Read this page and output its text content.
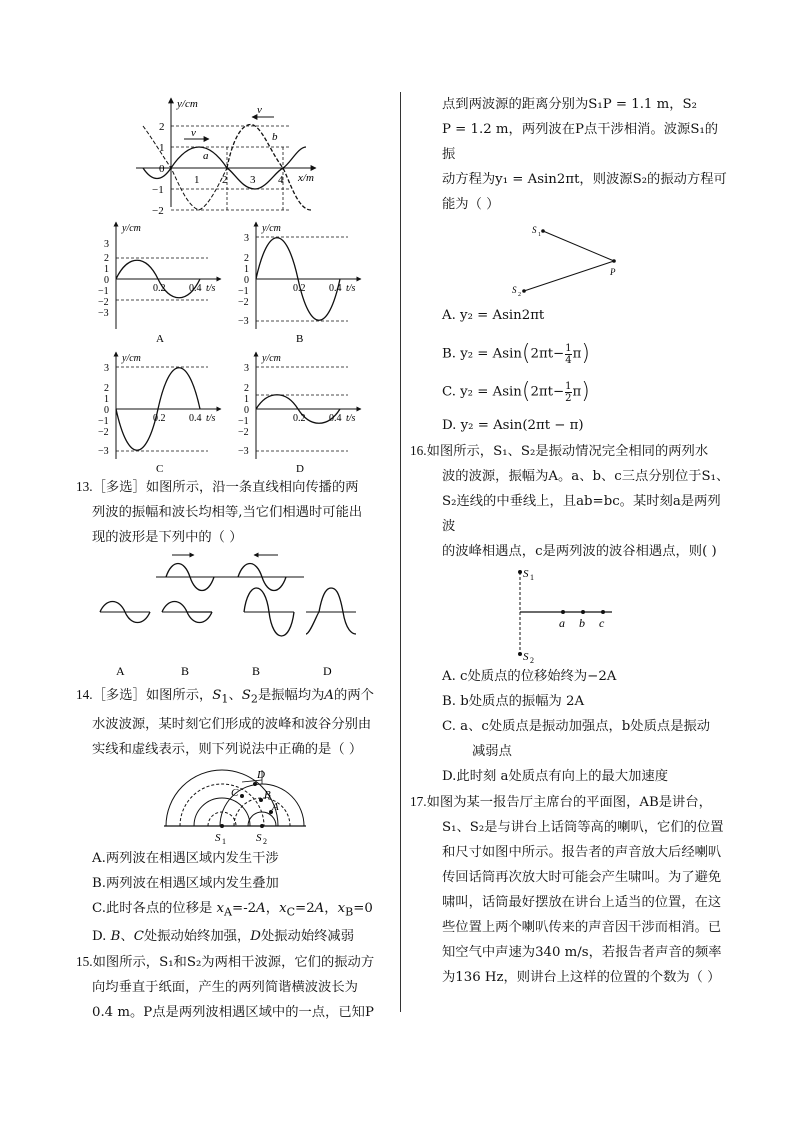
y/cm
x/m
2
1
0
−1
−2
1 2 3 4
v
v
a
b
y/cm
t/s
3
2
1
0
−1
−2
−3
0.2 0.4
A
y/cm
t/s
3
2
1
0
−1
−2
−3
0.2 0.4
B
y/cm
t/s
3
2
1
0
−1
−2
−3
0.2 0.4
C
y/cm
t/s
3
2
1
0
−1
−2
−3
0.2 0.4
D

13.［多选］如图所示，沿一条直线相向传播的两

列波的振幅和波长均相等,当它们相遇时可能出

现的波形是下列中的（ ）

A	B	B	D

14.［多选］如图所示，$S_1$、$S_2$是振幅均为A的两个

水波波源，某时刻它们形成的波峰和波谷分别由

实线和虚线表示，则下列说法中正确的是（ ）

D
C B
A
S 1	S 2

A.两列波在相遇区域内发生干涉

B.两列波在相遇区域内发生叠加

C.此时各点的位移是 $x_A=-2A$，$x_C=2A$，$x_B=0$

D. B、C处振动始终加强，D处振动始终减弱

15.如图所示，S₁和S₂为两相干波源，它们的振动方

向均垂直于纸面，产生的两列简谐横波波长为

0.4 m。P点是两列波相遇区域中的一点，已知P

点到两波源的距离分别为S₁P = 1.1 m，S₂

P = 1.2 m，两列波在P点干涉相消。波源S₁的振

动方程为y₁ = Asin2πt，则波源S₂的振动方程可

能为（ ）

S 1
S 2
P

A. y₂ = Asin2πt

B. $y_2 = Asin(2\pi t- \frac{1}{4} \pi)$

C. $y_2 = Asin(2\pi t- \frac{1}{2} \pi)$

D. y₂ = Asin(2πt − π)

16.如图所示，S₁、S₂是振动情况完全相同的两列水

波的波源，振幅为A。a、b、c三点分别位于S₁、

S₂连线的中垂线上，且ab=bc。某时刻a是两列波

的波峰相遇点，c是两列波的波谷相遇点，则( )

S 1
S 2
a b c

A. c处质点的位移始终为−2A

B. b处质点的振幅为 2A

C. a、c处质点是振动加强点，b处质点是振动

减弱点

D.此时刻 a处质点有向上的最大加速度

17.如图为某一报告厅主席台的平面图，AB是讲台，

S₁、S₂是与讲台上话筒等高的喇叭，它们的位置

和尺寸如图中所示。报告者的声音放大后经喇叭

传回话筒再次放大时可能会产生啸叫。为了避免

啸叫，话筒最好摆放在讲台上适当的位置，在这

些位置上两个喇叭传来的声音因干涉而相消。已

知空气中声速为340 m/s，若报告者声音的频率

为136 Hz，则讲台上这样的位置的个数为（ ）
